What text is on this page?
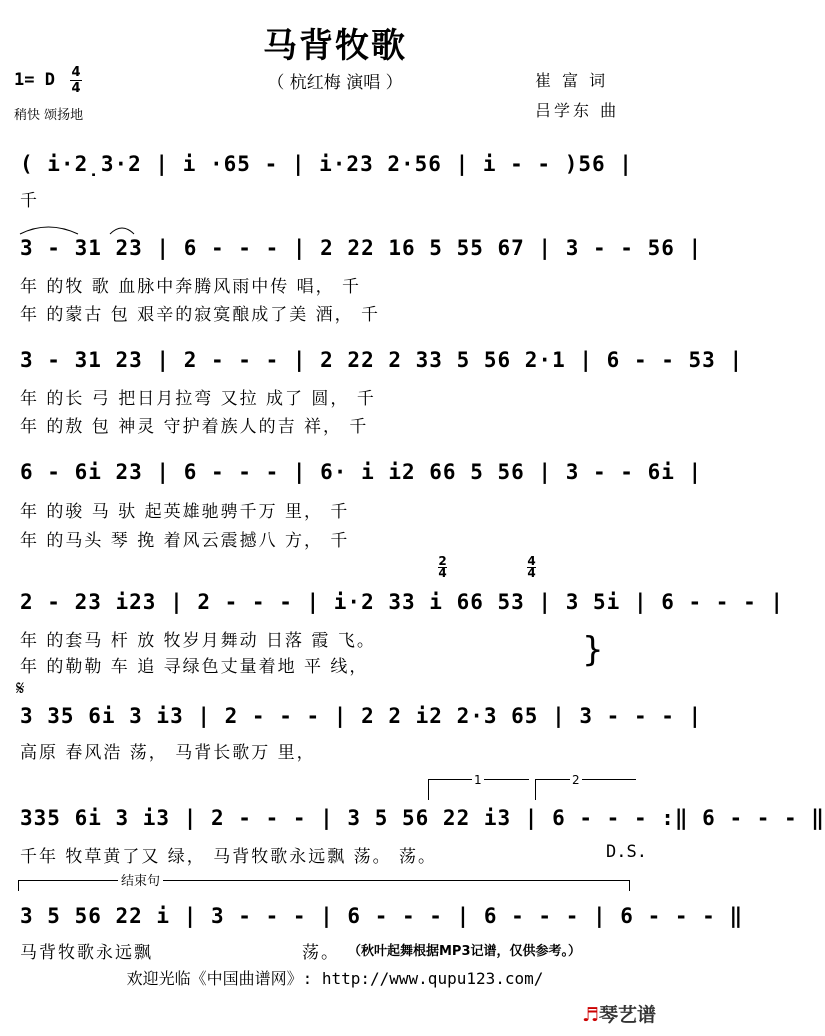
马背牧歌
（ 杭红梅 演唱 ）
1= D 4
4
稍快 颂扬地
崔 富 词
吕学东 曲
( i·2̣3·2 | i ·65 - | i·23 2·56 | i - - )56 |
千
3 - 31 23 | 6 - - - | 2 22 16 5 55 67 | 3 - - 56 |
年 的牧 歌 血脉中奔腾风雨中传 唱， 千
年 的蒙古 包 艰辛的寂寞酿成了美 酒， 千
3 - 31 23 | 2 - - - | 2 22 2 33 5 56 2·1 | 6 - - 53 |
年 的长 弓 把日月拉弯 又拉 成了 圆， 千
年 的敖 包 神灵 守护着族人的吉 祥， 千
6 - 6i 23 | 6 - - - | 6· i i2 66 5 56 | 3 - - 6i |
年 的骏 马 驮 起英雄驰骋千万 里， 千
年 的马头 琴 挽 着风云震撼八 方， 千
2
4
4
4
2 - 23 i23 | 2 - - - | i·2 33 i 66 53 | 3 5i | 6 - - - |
年 的套马 杆 放 牧岁月舞动 日落 霞 飞。
年 的勒勒 车 追 寻绿色丈量着地 平 线，	}
𝄋
3 35 6i 3 i3 | 2 - - - | 2 2 i2 2·3 65 | 3 - - - |
高原 春风浩 荡， 马背长歌万 里，
1	2
335 6i 3 i3 | 2 - - - | 3 5 56 22 i3 | 6 - - - :‖ 6 - - - ‖
千年 牧草黄了又 绿， 马背牧歌永远飘 荡。 荡。	D.S.
结束句
3 5 56 22 i | 3 - - - | 6 - - - | 6 - - - | 6 - - - ‖
马背牧歌永远飘	荡。 （秋叶起舞根据MP3记谱，仅供参考。）
欢迎光临《中国曲谱网》: http://www.qupu123.com/
♬琴艺谱
